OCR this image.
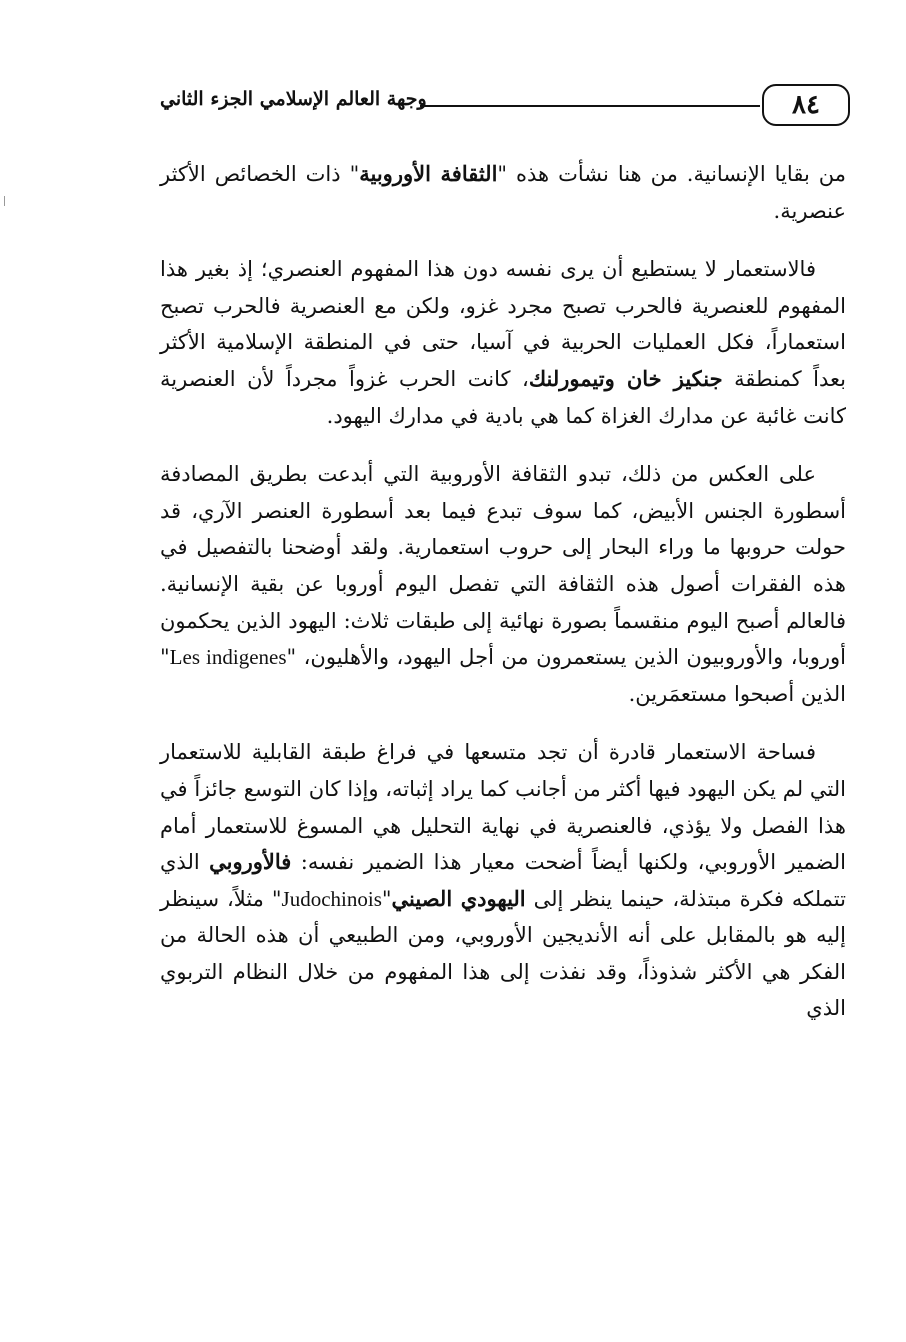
وجهة العالم الإسلامي الجزء الثاني	٨٤

من بقايا الإنسانية. من هنا نشأت هذه "الثقافة الأوروبية" ذات الخصائص الأكثر عنصرية.

فالاستعمار لا يستطيع أن يرى نفسه دون هذا المفهوم العنصري؛ إذ بغير هذا المفهوم للعنصرية فالحرب تصبح مجرد غزو، ولكن مع العنصرية فالحرب تصبح استعماراً، فكل العمليات الحربية في آسيا، حتى في المنطقة الإسلامية الأكثر بعداً كمنطقة جنكيز خان وتيمورلنك، كانت الحرب غزواً مجرداً لأن العنصرية كانت غائبة عن مدارك الغزاة كما هي بادية في مدارك اليهود.

على العكس من ذلك، تبدو الثقافة الأوروبية التي أبدعت بطريق المصادفة أسطورة الجنس الأبيض، كما سوف تبدع فيما بعد أسطورة العنصر الآري، قد حولت حروبها ما وراء البحار إلى حروب استعمارية. ولقد أوضحنا بالتفصيل في هذه الفقرات أصول هذه الثقافة التي تفصل اليوم أوروبا عن بقية الإنسانية. فالعالم أصبح اليوم منقسماً بصورة نهائية إلى طبقات ثلاث: اليهود الذين يحكمون أوروبا، والأوروبيون الذين يستعمرون من أجل اليهود، والأهليون، "Les indigenes" الذين أصبحوا مستعمَرين.

فساحة الاستعمار قادرة أن تجد متسعها في فراغ طبقة القابلية للاستعمار التي لم يكن اليهود فيها أكثر من أجانب كما يراد إثباته، وإذا كان التوسع جائزاً في هذا الفصل ولا يؤذي، فالعنصرية في نهاية التحليل هي المسوغ للاستعمار أمام الضمير الأوروبي، ولكنها أيضاً أضحت معيار هذا الضمير نفسه: فالأوروبي الذي تتملكه فكرة مبتذلة، حينما ينظر إلى اليهودي الصيني"Judochinois" مثلاً، سينظر إليه هو بالمقابل على أنه الأنديجين الأوروبي، ومن الطبيعي أن هذه الحالة من الفكر هي الأكثر شذوذاً، وقد نفذت إلى هذا المفهوم من خلال النظام التربوي الذي
